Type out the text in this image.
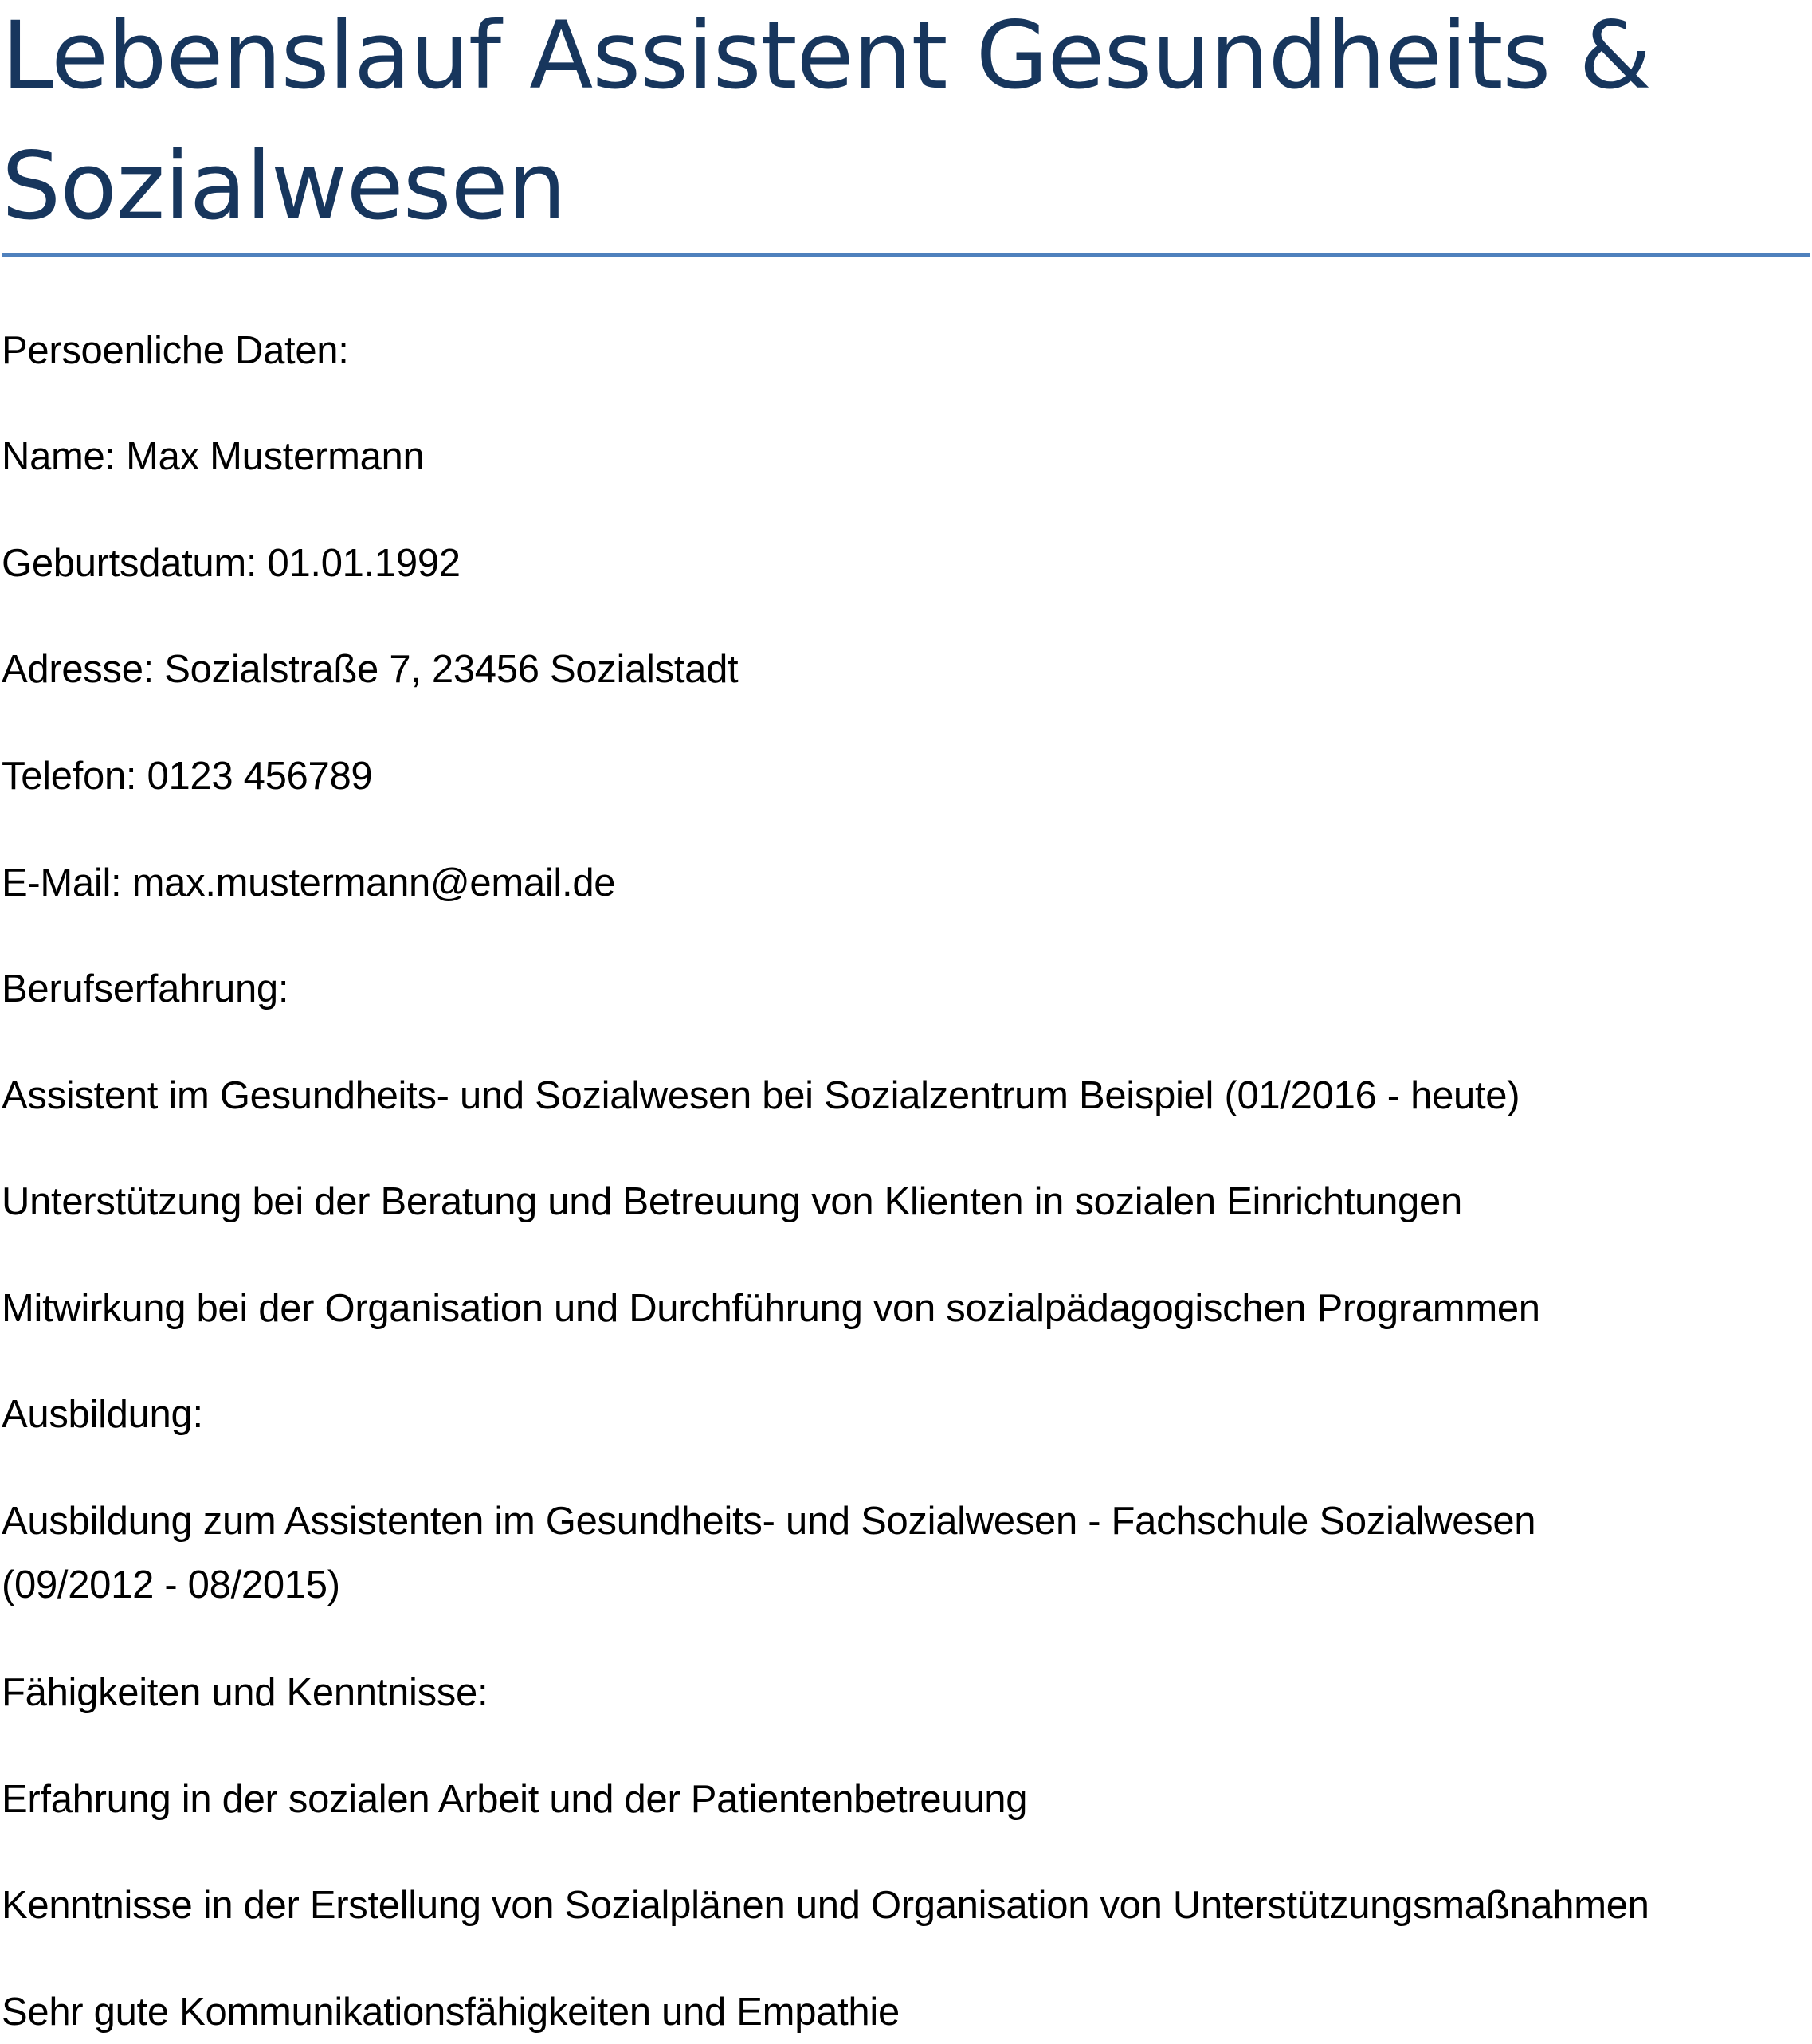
Lebenslauf Assistent Gesundheits & Sozialwesen

Persoenliche Daten:

Name: Max Mustermann

Geburtsdatum: 01.01.1992

Adresse: Sozialstraße 7, 23456 Sozialstadt

Telefon: 0123 456789

E-Mail: max.mustermann@email.de

Berufserfahrung:

Assistent im Gesundheits- und Sozialwesen bei Sozialzentrum Beispiel (01/2016 - heute)

Unterstützung bei der Beratung und Betreuung von Klienten in sozialen Einrichtungen

Mitwirkung bei der Organisation und Durchführung von sozialpädagogischen Programmen

Ausbildung:

Ausbildung zum Assistenten im Gesundheits- und Sozialwesen - Fachschule Sozialwesen (09/2012 - 08/2015)

Fähigkeiten und Kenntnisse:

Erfahrung in der sozialen Arbeit und der Patientenbetreuung

Kenntnisse in der Erstellung von Sozialplänen und Organisation von Unterstützungsmaßnahmen

Sehr gute Kommunikationsfähigkeiten und Empathie
